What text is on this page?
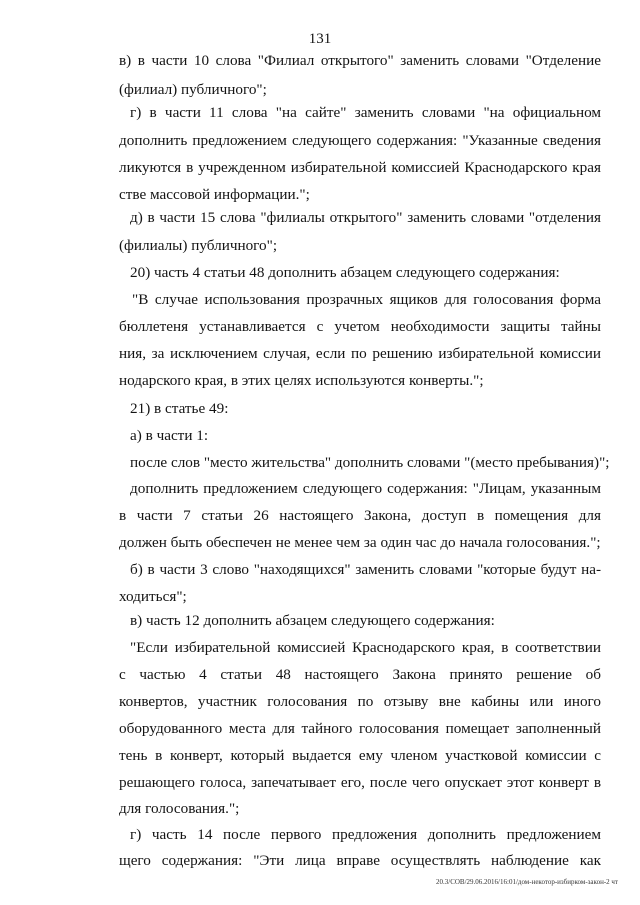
131
в) в части 10 слова "Филиал открытого" заменить словами "Отделение
(филиал) публичного";
г) в части 11 слова "на сайте" заменить словами "на официальном
дополнить предложением следующего содержания: "Указанные сведения
ликуются в учрежденном избирательной комиссией Краснодарского края
стве массовой информации.";
д) в части 15 слова "филиалы открытого" заменить словами "отделения
(филиалы) публичного";
20) часть 4 статьи 48 дополнить абзацем следующего содержания:
"В случае использования прозрачных ящиков для голосования форма
бюллетеня устанавливается с учетом необходимости защиты тайны
ния, за исключением случая, если по решению избирательной комиссии
нодарского края, в этих целях используются конверты.";
21) в статье 49:
а) в части 1:
после слов "место жительства" дополнить словами "(место пребывания)";
дополнить предложением следующего содержания: "Лицам, указанным
в части 7 статьи 26 настоящего Закона, доступ в помещения для
должен быть обеспечен не менее чем за один час до начала голосования.";
б) в части 3 слово "находящихся" заменить словами "которые будут на-
ходиться";
в) часть 12 дополнить абзацем следующего содержания:
"Если избирательной комиссией Краснодарского края, в соответствии
с частью 4 статьи 48 настоящего Закона принято решение об
конвертов, участник голосования по отзыву вне кабины или иного
оборудованного места для тайного голосования помещает заполненный
тень в конверт, который выдается ему членом участковой комиссии с
решающего голоса, запечатывает его, после чего опускает этот конверт в
для голосования.";
г) часть 14 после первого предложения дополнить предложением
щего содержания: "Эти лица вправе осуществлять наблюдение как
20.3/СОВ/29.06.2016/16:01/дом-некотор-избирком-закон-2 чт
